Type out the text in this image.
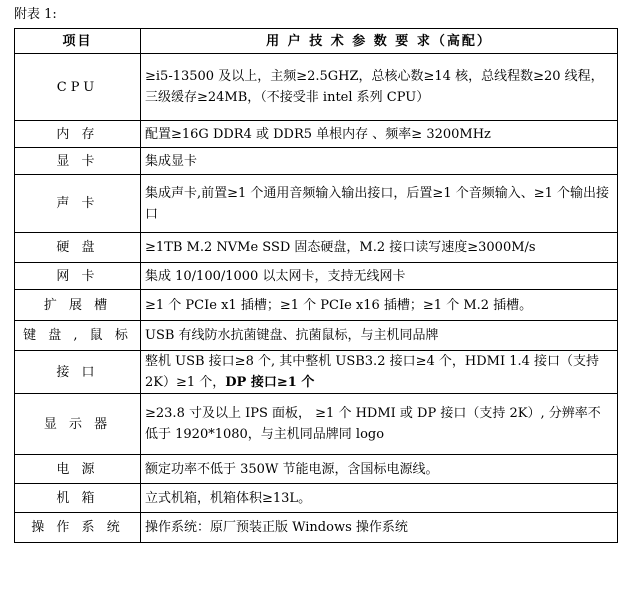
附表 1:
项目	用 户 技 术 参 数 要 求（高配）
CPU	≥i5-13500 及以上，主频≥2.5GHZ，总核心数≥14 核，总线程数≥20 线程，三级缓存≥24MB，（不接受非 intel 系列 CPU）
内 存	配置≥16G DDR4 或 DDR5 单根内存 、频率≥ 3200MHz
显 卡	集成显卡
声 卡	集成声卡,前置≥1 个通用音频输入输出接口，后置≥1 个音频输入、≥1 个输出接口
硬 盘	≥1TB M.2 NVMe SSD 固态硬盘，M.2 接口读写速度≥3000M/s
网 卡	集成 10/100/1000 以太网卡，支持无线网卡
扩 展 槽	≥1 个 PCIe x1 插槽；≥1 个 PCIe x16 插槽；≥1 个 M.2 插槽。
键 盘 , 鼠 标	USB 有线防水抗菌键盘、抗菌鼠标，与主机同品牌
接 口	整机 USB 接口≥8 个, 其中整机 USB3.2 接口≥4 个，HDMI 1.4 接口（支持 2K）≥1 个，DP 接口≥1 个
显 示 器	≥23.8 寸及以上 IPS 面板， ≥1 个 HDMI 或 DP 接口（支持 2K）, 分辨率不低于 1920*1080，与主机同品牌同 logo
电 源	额定功率不低于 350W 节能电源，含国标电源线。
机 箱	立式机箱，机箱体积≥13L。
操 作 系 统	操作系统：原厂预装正版 Windows 操作系统
